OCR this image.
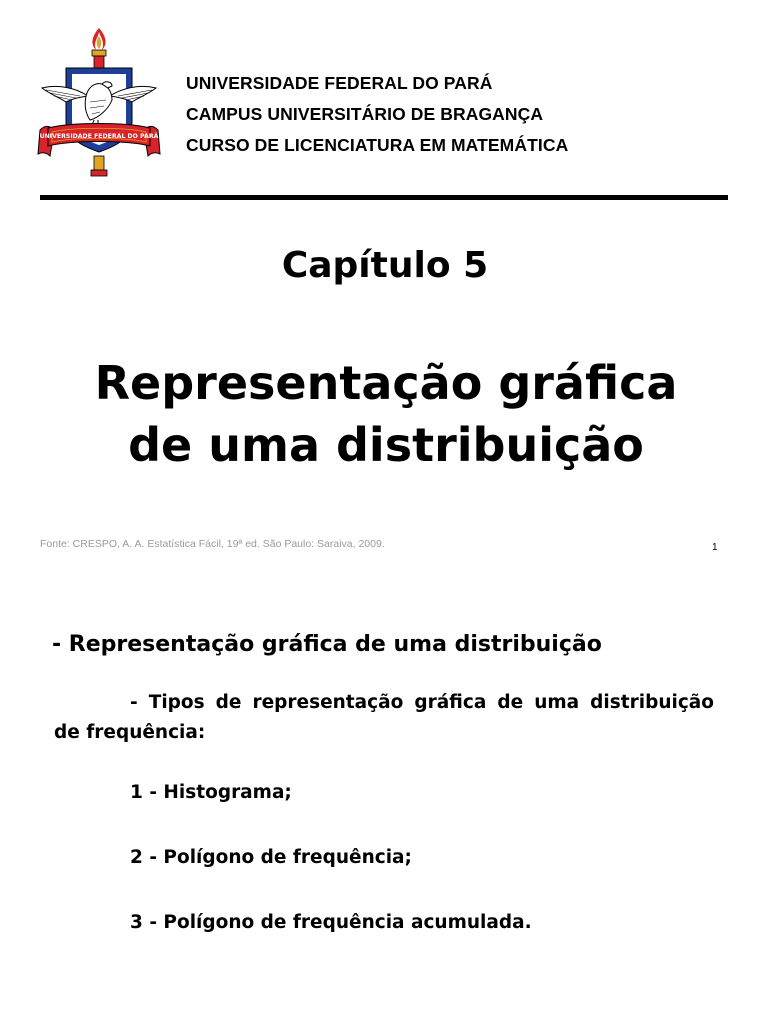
UNIVERSIDADE FEDERAL DO PARÁ
UNIVERSIDADE FEDERAL DO PARÁ
CAMPUS UNIVERSITÁRIO DE BRAGANÇA
CURSO DE LICENCIATURA EM MATEMÁTICA
Capítulo 5
Representação gráfica
de uma distribuição
Fonte: CRESPO, A. A. Estatística Fácil, 19ª ed. São Paulo: Saraiva, 2009.	1
- Representação gráfica de uma distribuição
- Tipos de representação gráfica de uma distribuição de frequência:
1 - Histograma;
2 - Polígono de frequência;
3 - Polígono de frequência acumulada.
